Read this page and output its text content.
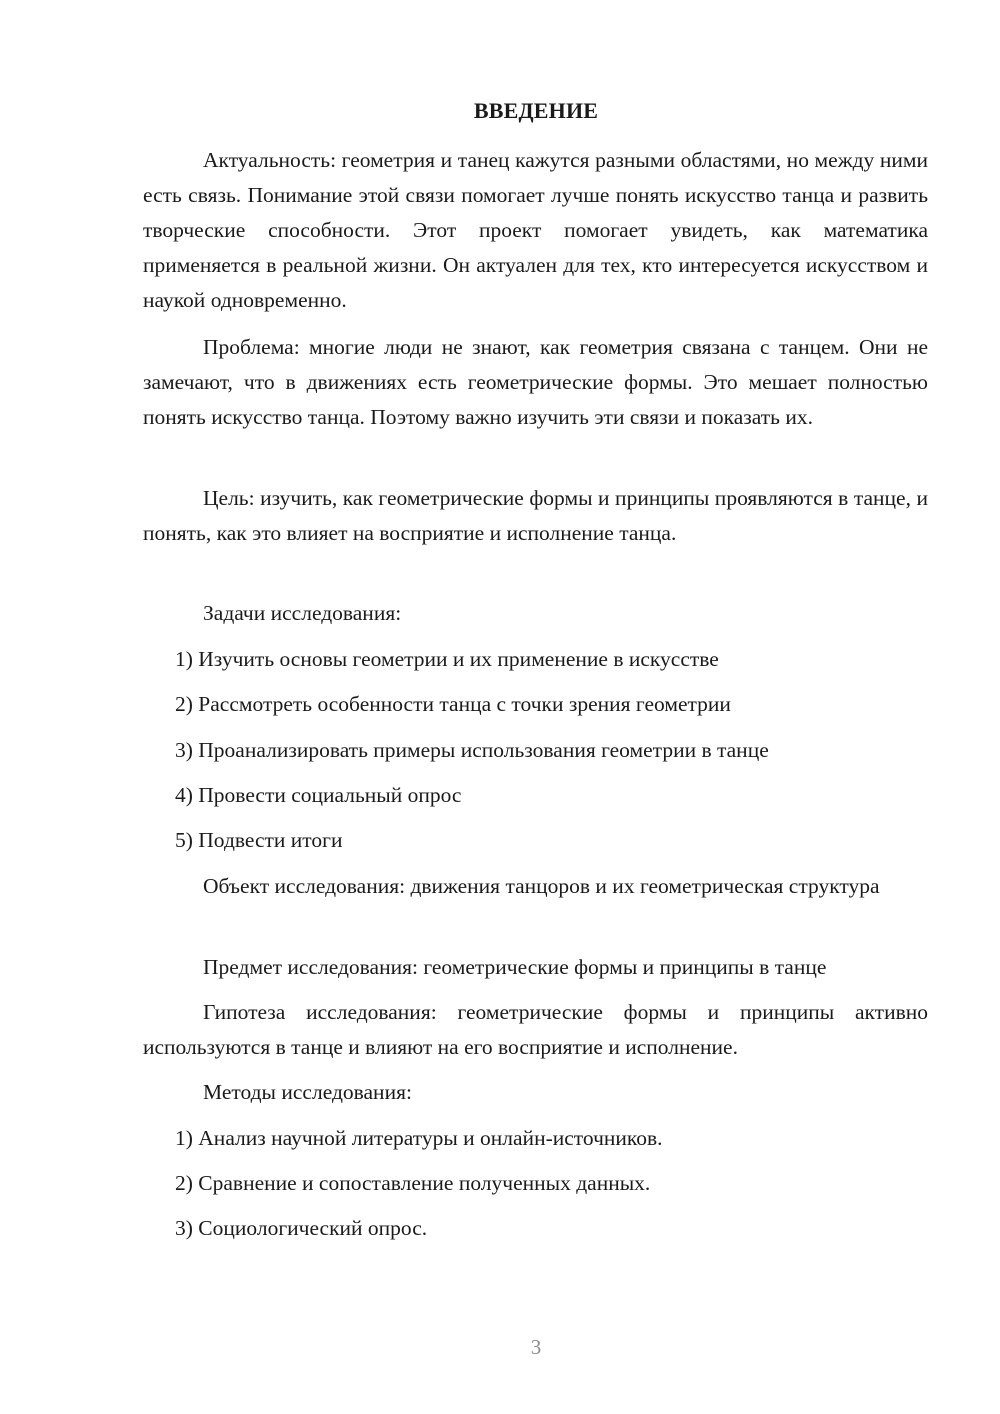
ВВЕДЕНИЕ

Актуальность: геометрия и танец кажутся разными областями, но между ними есть связь. Понимание этой связи помогает лучше понять искусство танца и развить творческие способности. Этот проект помогает увидеть, как математика применяется в реальной жизни. Он актуален для тех, кто интересуется искусством и наукой одновременно.

Проблема: многие люди не знают, как геометрия связана с танцем. Они не замечают, что в движениях есть геометрические формы. Это мешает полностью понять искусство танца. Поэтому важно изучить эти связи и показать их.

Цель: изучить, как геометрические формы и принципы проявляются в танце, и понять, как это влияет на восприятие и исполнение танца.

Задачи исследования:

1) Изучить основы геометрии и их применение в искусстве
2) Рассмотреть особенности танца с точки зрения геометрии
3) Проанализировать примеры использования геометрии в танце
4) Провести социальный опрос
5) Подвести итоги

Объект исследования: движения танцоров и их геометрическая структура

Предмет исследования: геометрические формы и принципы в танце

Гипотеза исследования: геометрические формы и принципы активно используются в танце и влияют на его восприятие и исполнение.

Методы исследования:

1) Анализ научной литературы и онлайн-источников.
2) Сравнение и сопоставление полученных данных.
3) Социологический опрос.
3
